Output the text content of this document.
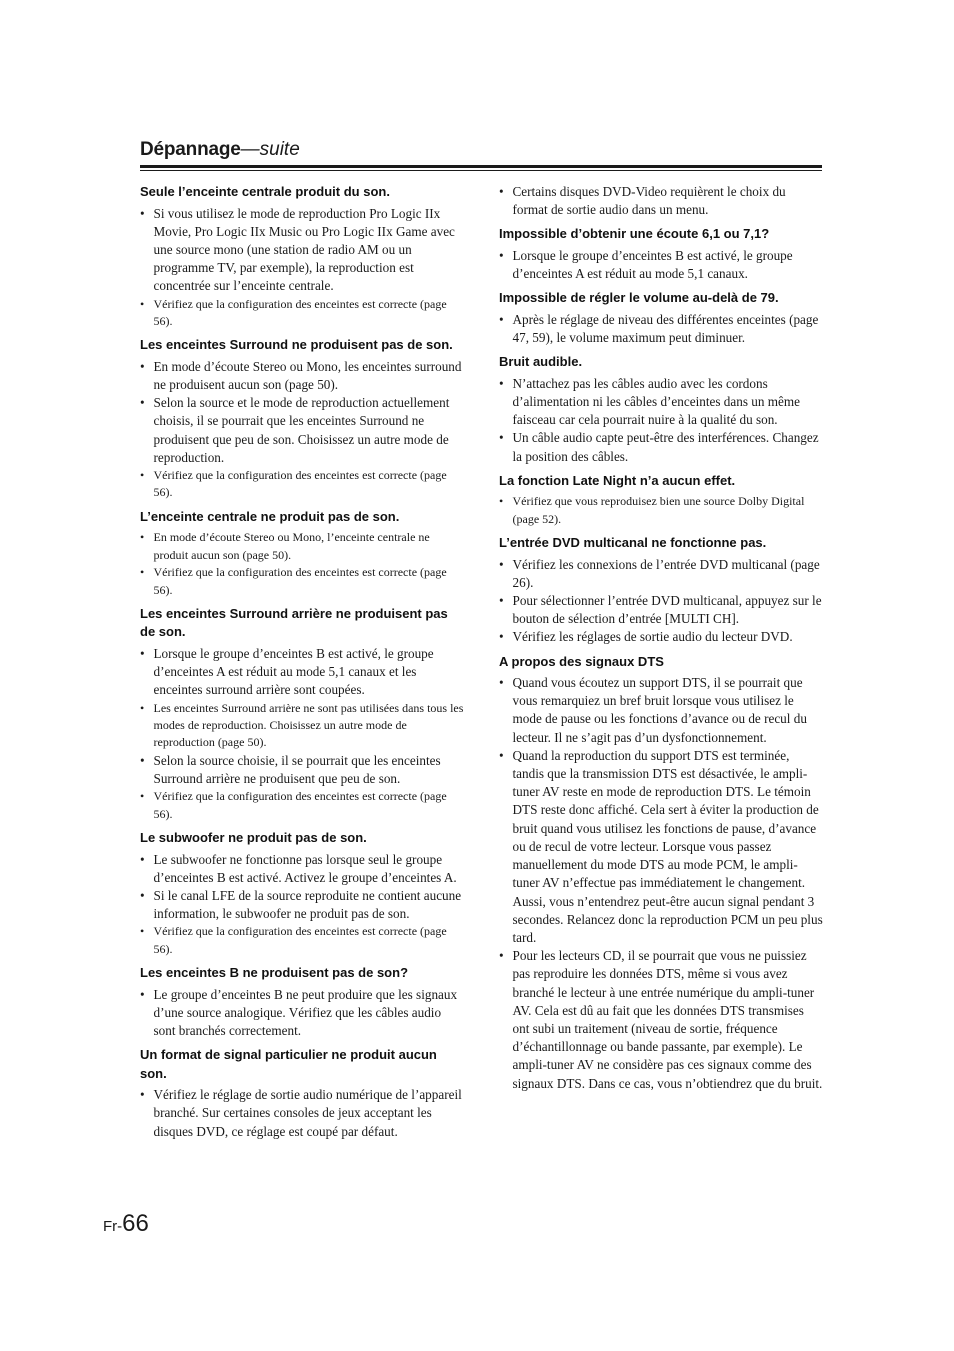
Dépannage—suite
Seule l’enceinte centrale produit du son.
• Si vous utilisez le mode de reproduction Pro Logic IIx Movie, Pro Logic IIx Music ou Pro Logic IIx Game avec une source mono (une station de radio AM ou un programme TV, par exemple), la reproduction est concentrée sur l’enceinte centrale.
• Vérifiez que la configuration des enceintes est correcte (page 56).
Les enceintes Surround ne produisent pas de son.
• En mode d’écoute Stereo ou Mono, les enceintes surround ne produisent aucun son (page 50).
• Selon la source et le mode de reproduction actuellement choisis, il se pourrait que les enceintes Surround ne produisent que peu de son. Choisissez un autre mode de reproduction.
• Vérifiez que la configuration des enceintes est correcte (page 56).
L’enceinte centrale ne produit pas de son.
• En mode d’écoute Stereo ou Mono, l’enceinte centrale ne produit aucun son (page 50).
• Vérifiez que la configuration des enceintes est correcte (page 56).
Les enceintes Surround arrière ne produisent pas de son.
• Lorsque le groupe d’enceintes B est activé, le groupe d’enceintes A est réduit au mode 5,1 canaux et les enceintes surround arrière sont coupées.
• Les enceintes Surround arrière ne sont pas utilisées dans tous les modes de reproduction. Choisissez un autre mode de reproduction (page 50).
• Selon la source choisie, il se pourrait que les enceintes Surround arrière ne produisent que peu de son.
• Vérifiez que la configuration des enceintes est correcte (page 56).
Le subwoofer ne produit pas de son.
• Le subwoofer ne fonctionne pas lorsque seul le groupe d’enceintes B est activé. Activez le groupe d’enceintes A.
• Si le canal LFE de la source reproduite ne contient aucune information, le subwoofer ne produit pas de son.
• Vérifiez que la configuration des enceintes est correcte (page 56).
Les enceintes B ne produisent pas de son?
• Le groupe d’enceintes B ne peut produire que les signaux d’une source analogique. Vérifiez que les câbles audio sont branchés correctement.
Un format de signal particulier ne produit aucun son.
• Vérifiez le réglage de sortie audio numérique de l’appareil branché. Sur certaines consoles de jeux acceptant les disques DVD, ce réglage est coupé par défaut.
• Certains disques DVD-Video requièrent le choix du format de sortie audio dans un menu.
Impossible d’obtenir une écoute 6,1 ou 7,1?
• Lorsque le groupe d’enceintes B est activé, le groupe d’enceintes A est réduit au mode 5,1 canaux.
Impossible de régler le volume au-delà de 79.
• Après le réglage de niveau des différentes enceintes (page 47, 59), le volume maximum peut diminuer.
Bruit audible.
• N’attachez pas les câbles audio avec les cordons d’alimentation ni les câbles d’enceintes dans un même faisceau car cela pourrait nuire à la qualité du son.
• Un câble audio capte peut-être des interférences. Changez la position des câbles.
La fonction Late Night n’a aucun effet.
• Vérifiez que vous reproduisez bien une source Dolby Digital (page 52).
L’entrée DVD multicanal ne fonctionne pas.
• Vérifiez les connexions de l’entrée DVD multicanal (page 26).
• Pour sélectionner l’entrée DVD multicanal, appuyez sur le bouton de sélection d’entrée [MULTI CH].
• Vérifiez les réglages de sortie audio du lecteur DVD.
A propos des signaux DTS
• Quand vous écoutez un support DTS, il se pourrait que vous remarquiez un bref bruit lorsque vous utilisez le mode de pause ou les fonctions d’avance ou de recul du lecteur. Il ne s’agit pas d’un dysfonctionnement.
• Quand la reproduction du support DTS est terminée, tandis que la transmission DTS est désactivée, le ampli-tuner AV reste en mode de reproduction DTS. Le témoin DTS reste donc affiché. Cela sert à éviter la production de bruit quand vous utilisez les fonctions de pause, d’avance ou de recul de votre lecteur. Lorsque vous passez manuellement du mode DTS au mode PCM, le ampli-tuner AV n’effectue pas immédiatement le changement. Aussi, vous n’entendrez peut-être aucun signal pendant 3 secondes. Relancez donc la reproduction PCM un peu plus tard.
• Pour les lecteurs CD, il se pourrait que vous ne puissiez pas reproduire les données DTS, même si vous avez branché le lecteur à une entrée numérique du ampli-tuner AV. Cela est dû au fait que les données DTS transmises ont subi un traitement (niveau de sortie, fréquence d’échantillonnage ou bande passante, par exemple). Le ampli-tuner AV ne considère pas ces signaux comme des signaux DTS. Dans ce cas, vous n’obtiendrez que du bruit.
Fr-66
